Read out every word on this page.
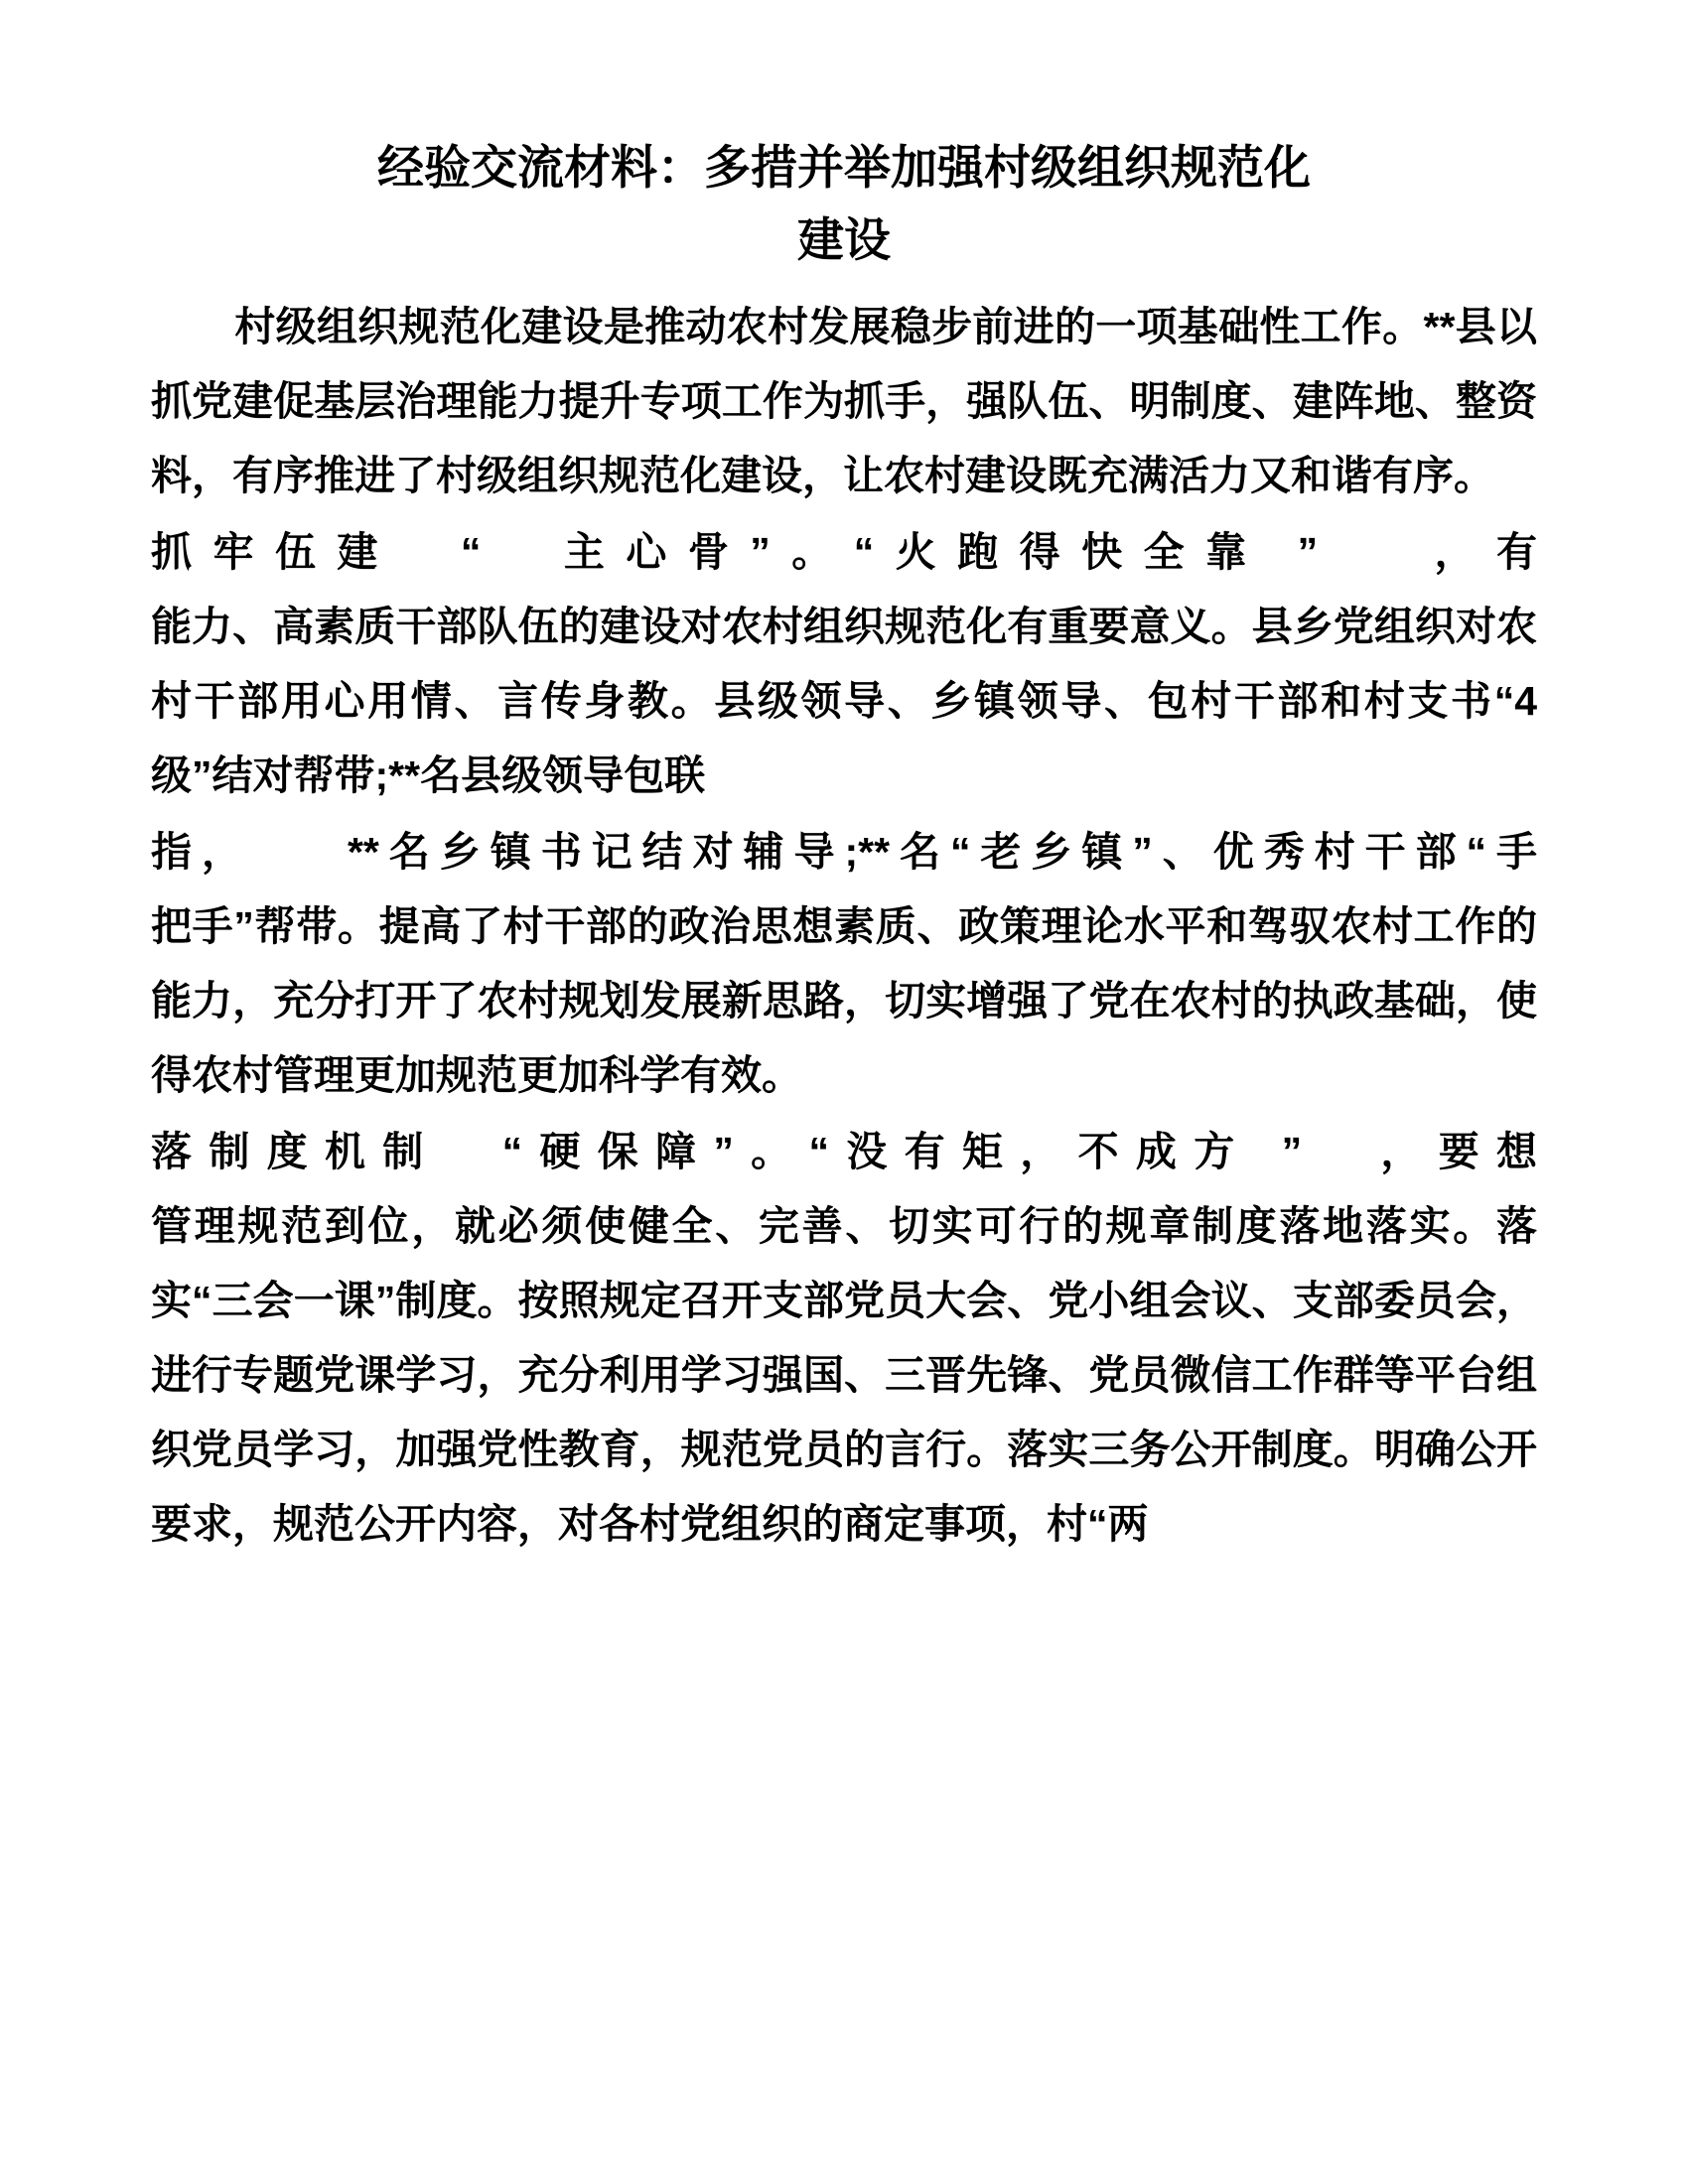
经验交流材料：多措并举加强村级组织规范化
建设

村级组织规范化建设是推动农村发展稳步前进的一项基础性工作。**县以抓党建促基层治理能力提升专项工作为抓手，强队伍、明制度、建阵地、整资料，有序推进了村级组织规范化建设，让农村建设既充满活力又和谐有序。

抓牢伍建 “ 主心骨”。“火跑得快全靠 ” ，有

能力、高素质干部队伍的建设对农村组织规范化有重要意义。县乡党组织对农村干部用心用情、言传身教。县级领导、乡镇领导、包村干部和村支书“4 级”结对帮带;**名县级领导包联

指， **名乡镇书记结对辅导;**名“老乡镇”、优秀村干部“手

把手”帮带。提高了村干部的政治思想素质、政策理论水平和驾驭农村工作的能力，充分打开了农村规划发展新思路，切实增强了党在农村的执政基础，使得农村管理更加规范更加科学有效。

落制度机制 “硬保障”。“没有矩，不成方 ” ，要想

管理规范到位，就必须使健全、完善、切实可行的规章制度落地落实。落实“三会一课”制度。按照规定召开支部党员大会、党小组会议、支部委员会，进行专题党课学习，充分利用学习强国、三晋先锋、党员微信工作群等平台组织党员学习，加强党性教育，规范党员的言行。落实三务公开制度。明确公开要求，规范公开内容，对各村党组织的商定事项，村“两
